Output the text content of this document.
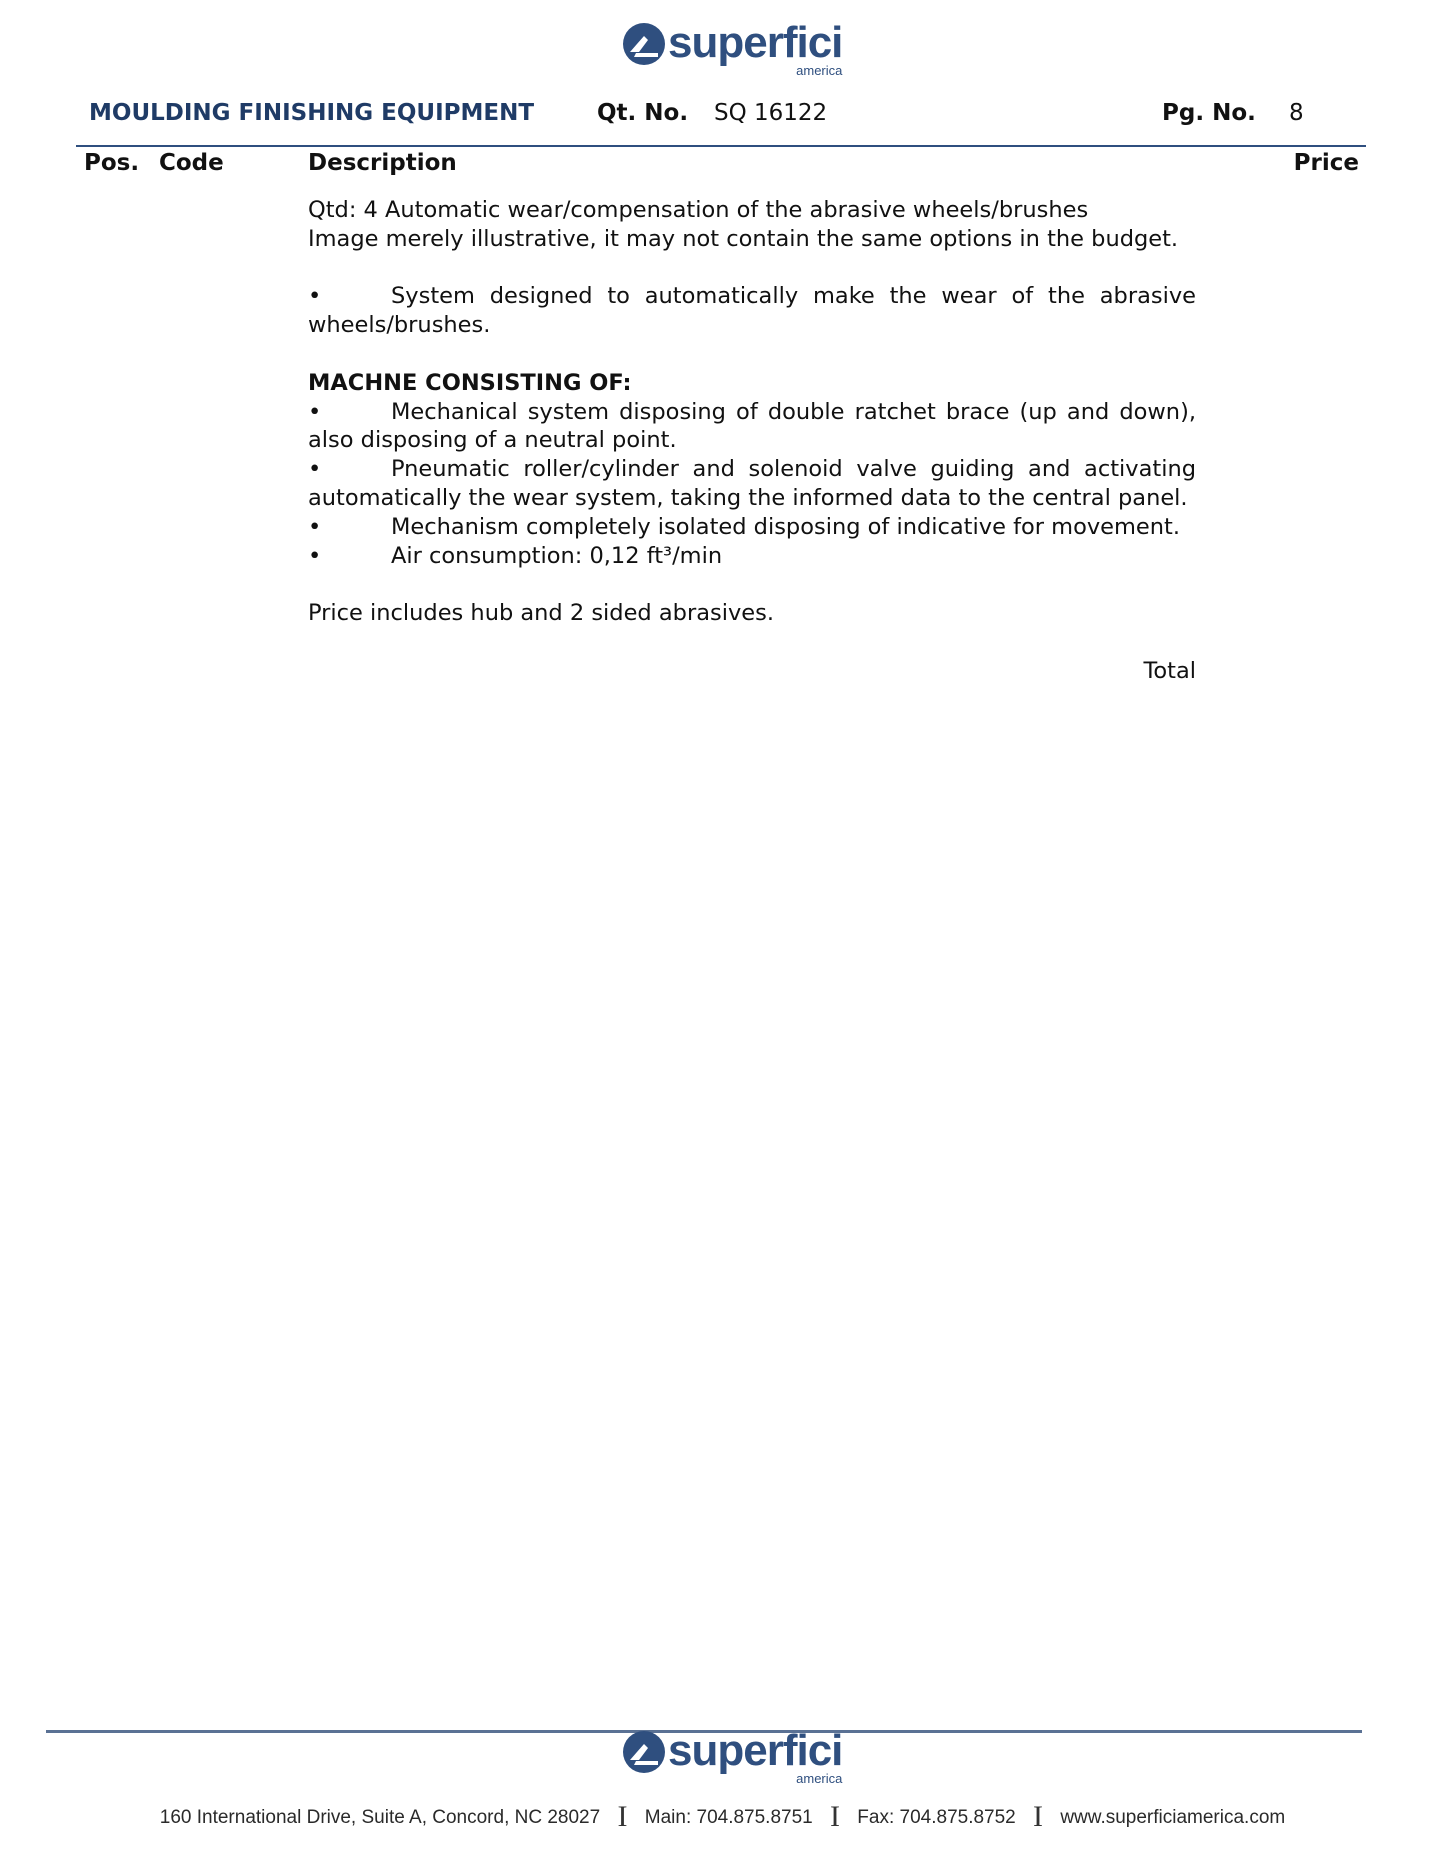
superfici
america
MOULDING FINISHING EQUIPMENT	Qt. No. SQ 16122	Pg. No. 8
Pos. Code	Description	Price
Qtd: 4 Automatic wear/compensation of the abrasive wheels/brushes
Image merely illustrative, it may not contain the same options in the budget.
•	System designed to automatically make the wear of the abrasive wheels/brushes.
MACHNE CONSISTING OF:
•	Mechanical system disposing of double ratchet brace (up and down), also disposing of a neutral point.
•	Pneumatic roller/cylinder and solenoid valve guiding and activating automatically the wear system, taking the informed data to the central panel.
•	Mechanism completely isolated disposing of indicative for movement.
•	Air consumption: 0,12 ft³/min
Price includes hub and 2 sided abrasives.
Total
superfici
america
160 International Drive, Suite A, Concord, NC 28027 I Main: 704.875.8751 I Fax: 704.875.8752 I www.superficiamerica.com
